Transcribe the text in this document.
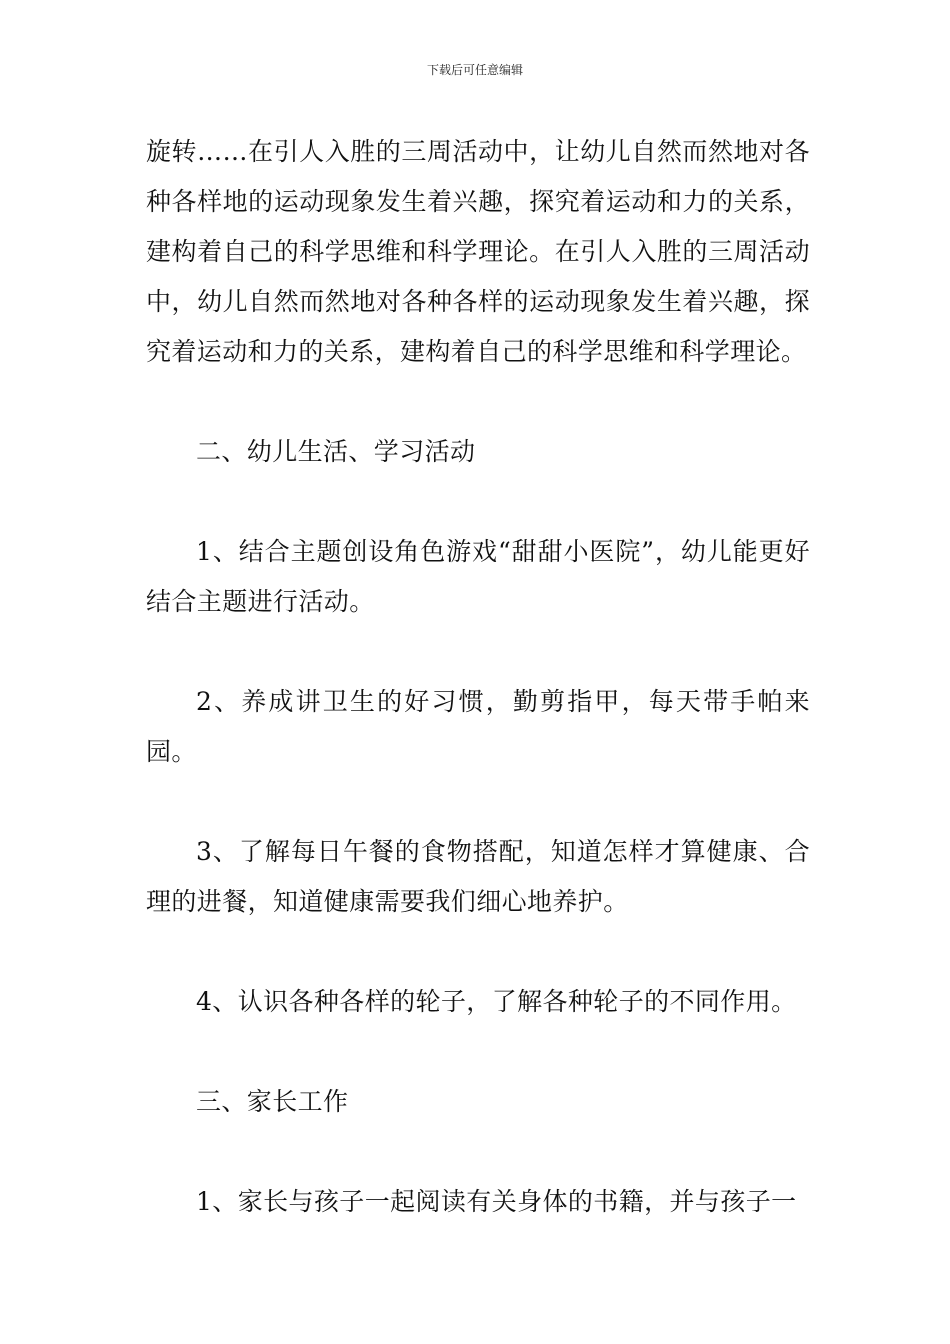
下载后可任意编辑

旋转……在引人入胜的三周活动中，让幼儿自然而然地对各种各样地的运动现象发生着兴趣，探究着运动和力的关系，建构着自己的科学思维和科学理论。在引人入胜的三周活动中，幼儿自然而然地对各种各样的运动现象发生着兴趣，探究着运动和力的关系，建构着自己的科学思维和科学理论。

二、幼儿生活、学习活动

1、结合主题创设角色游戏“甜甜小医院”，幼儿能更好结合主题进行活动。

2、养成讲卫生的好习惯，勤剪指甲，每天带手帕来园。

3、了解每日午餐的食物搭配，知道怎样才算健康、合理的进餐，知道健康需要我们细心地养护。

4、认识各种各样的轮子，了解各种轮子的不同作用。

三、家长工作

1、家长与孩子一起阅读有关身体的书籍，并与孩子一
